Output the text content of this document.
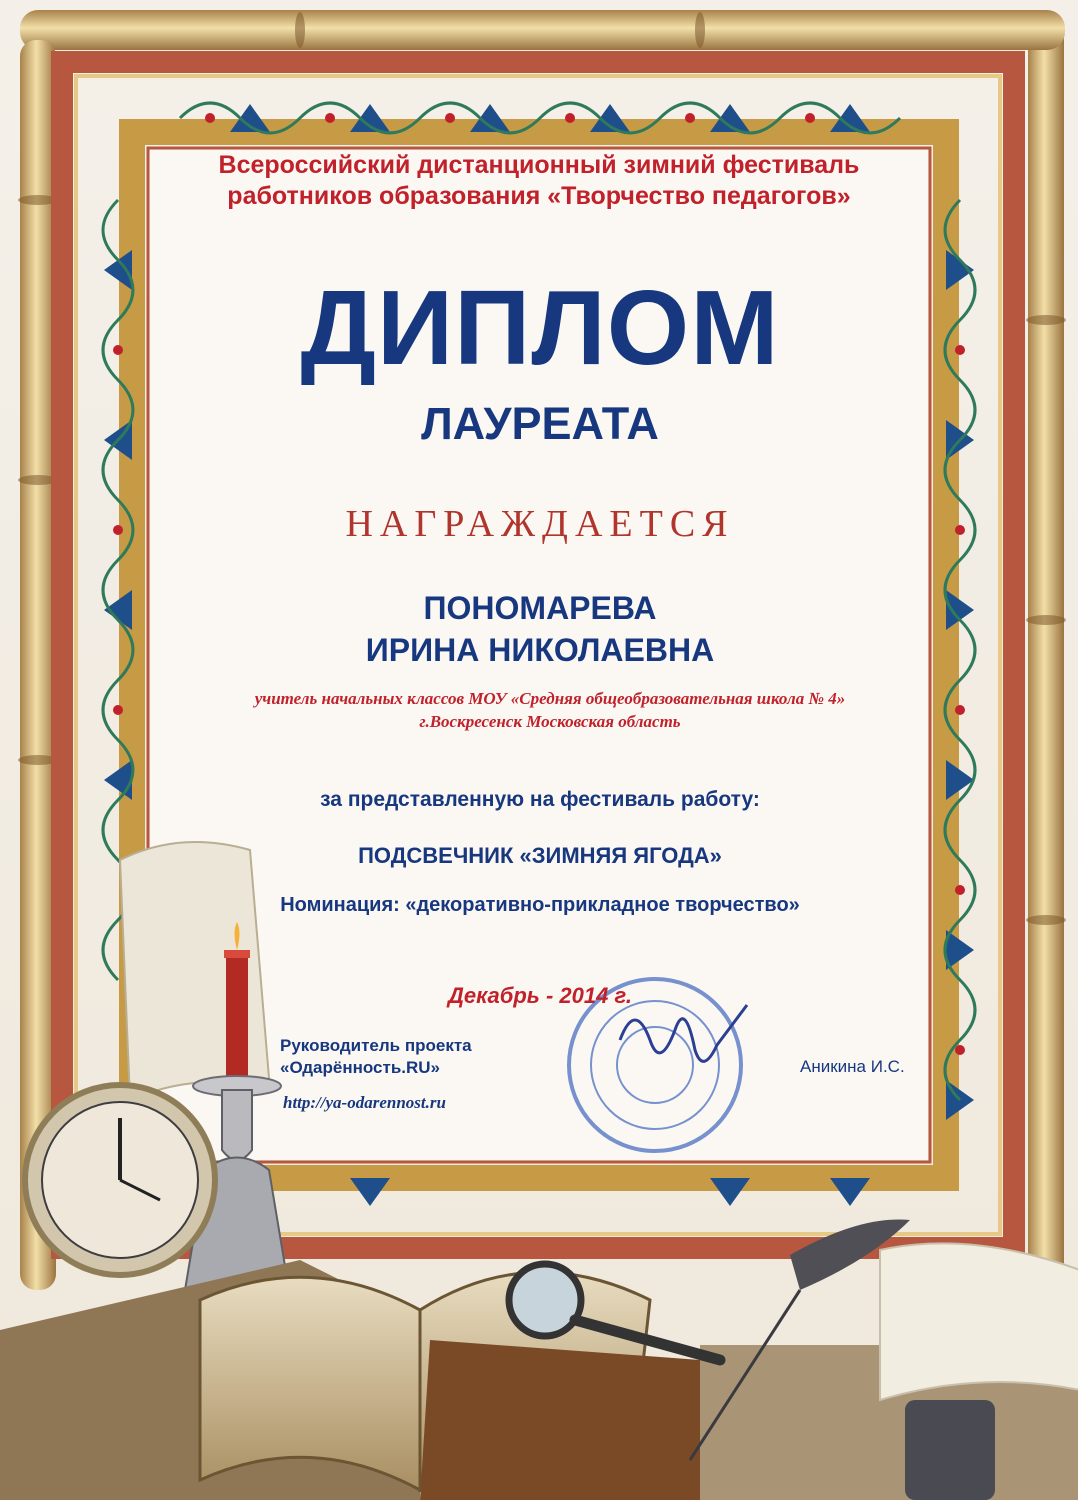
Всероссийский дистанционный зимний фестиваль
работников образования «Творчество педагогов»

ДИПЛОМ

ЛАУРЕАТА

НАГРАЖДАЕТСЯ

ПОНОМАРЕВА

ИРИНА НИКОЛАЕВНА

учитель начальных классов МОУ «Средняя общеобразовательная школа № 4»

г.Воскресенск Московская область

за представленную на фестиваль работу:

ПОДСВЕЧНИК «ЗИМНЯЯ ЯГОДА»

Номинация: «декоративно-прикладное творчество»

Декабрь - 2014 г.

Руководитель проекта
«Одарённость.RU»
http://ya-odarennost.ru
Аникина И.С.
